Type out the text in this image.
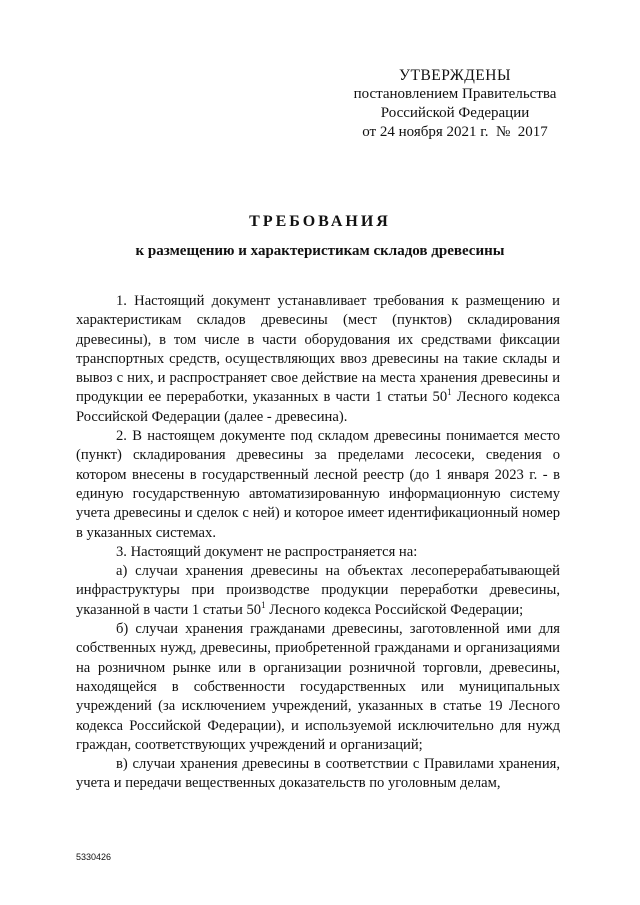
УТВЕРЖДЕНЫ
постановлением Правительства
Российской Федерации
от 24 ноября 2021 г.  №  2017
ТРЕБОВАНИЯ
к размещению и характеристикам складов древесины

1. Настоящий документ устанавливает требования к размещению и характеристикам складов древесины (мест (пунктов) складирования древесины), в том числе в части оборудования их средствами фиксации транспортных средств, осуществляющих ввоз древесины на такие склады и вывоз с них, и распространяет свое действие на места хранения древесины и продукции ее переработки, указанных в части 1 статьи $50^1$ Лесного кодекса Российской Федерации (далее - древесина).

2. В настоящем документе под складом древесины понимается место (пункт) складирования древесины за пределами лесосеки, сведения о котором внесены в государственный лесной реестр (до 1 января 2023 г. - в единую государственную автоматизированную информационную систему учета древесины и сделок с ней) и которое имеет идентификационный номер в указанных системах.

3. Настоящий документ не распространяется на:

а) случаи хранения древесины на объектах лесоперерабатывающей инфраструктуры при производстве продукции переработки древесины, указанной в части 1 статьи $50^1$ Лесного кодекса Российской Федерации;

б) случаи хранения гражданами древесины, заготовленной ими для собственных нужд, древесины, приобретенной гражданами и организациями на розничном рынке или в организации розничной торговли, древесины, находящейся в собственности государственных или муниципальных учреждений (за исключением учреждений, указанных в статье 19 Лесного кодекса Российской Федерации), и используемой исключительно для нужд граждан, соответствующих учреждений и организаций;

в) случаи хранения древесины в соответствии с Правилами хранения, учета и передачи вещественных доказательств по уголовным делам,

5330426
